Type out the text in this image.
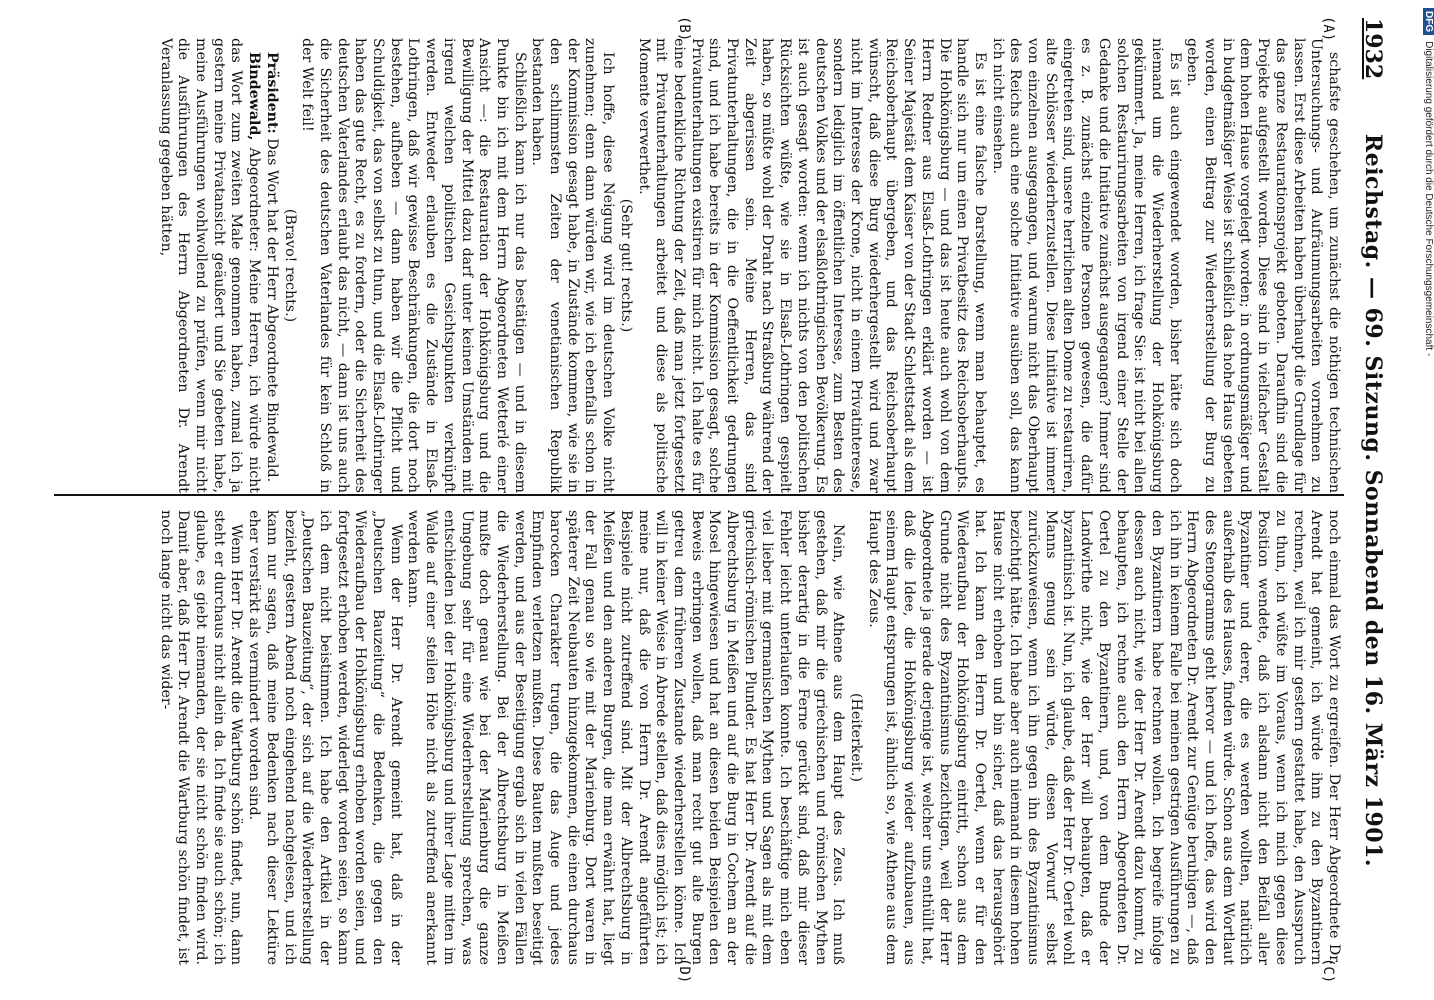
1932
Reichstag. — 69. Sitzung. Sonnabend den 16. März 1901.
(A)
(B)
(C)
(D)

schafste geschehen, um zunächst die nöthigen technischen Untersuchungs- und Aufräumungsarbeiten vornehmen zu lassen. Erst diese Arbeiten haben überhaupt die Grundlage für das ganze Restaurationsprojekt geboten. Daraufhin sind die Projekte aufgestellt worden. Diese sind in vielfacher Gestalt dem hohen Hause vorgelegt worden; in ordnungsmäßiger und in budgetmäßiger Weise ist schließlich das hohe Haus gebeten worden, einen Beitrag zur Wiederherstellung der Burg zu geben.

Es ist auch eingewendet worden, bisher hätte sich doch niemand um die Wiederherstellung der Hohkönigsburg gekümmert. Ja, meine Herren, ich frage Sie: ist nicht bei allen solchen Restaurirungsarbeiten von irgend einer Stelle der Gedanke und die Initiative zunächst ausgegangen? Immer sind es z. B. zunächst einzelne Personen gewesen, die dafür eingetreten sind, unsere herrlichen alten Dome zu restauriren, alte Schlösser wiederherzustellen. Diese Initiative ist immer von einzelnen ausgegangen, und warum nicht das Oberhaupt des Reichs auch eine solche Initiative ausüben soll, das kann ich nicht einsehen.

Es ist eine falsche Darstellung, wenn man behauptet, es handle sich nur um einen Privatbesitz des Reichsoberhaupts. Die Hohkönigsburg — und das ist heute auch wohl von dem Herrn Redner aus Elsaß-Lothringen erklärt worden — ist Seiner Majestät dem Kaiser von der Stadt Schlettstadt als dem Reichsoberhaupt übergeben, und das Reichsoberhaupt wünscht, daß diese Burg wiederhergestellt wird und zwar nicht im Interesse der Krone, nicht in einem Privatinteresse, sondern lediglich im öffentlichen Interesse, zum Besten des deutschen Volkes und der elsaßlothringischen Bevölkerung. Es ist auch gesagt worden: wenn ich nichts von den politischen Rücksichten wüßte, wie sie in Elsaß-Lothringen gespielt haben, so müßte wohl der Draht nach Straßburg während der Zeit abgerissen sein. Meine Herren, das sind Privatunterhaltungen, die in die Oeffentlichkeit gedrungen sind, und ich habe bereits in der Kommission gesagt, solche Privatunterhaltungen existiren für mich nicht. Ich halte es für eine bedenkliche Richtung der Zeit, daß man jetzt fortgesetzt mit Privatunterhaltungen arbeitet und diese als politische Momente verwerthet.

(Sehr gut! rechts.)

Ich hoffe, diese Neigung wird im deutschen Volke nicht zunehmen; denn dann würden wir, wie ich ebenfalls schon in der Kommission gesagt habe, in Zustände kommen, wie sie in den schlimmsten Zeiten der venetianischen Republik bestanden haben.

Schließlich kann ich nur das bestätigen — und in diesem Punkte bin ich mit dem Herrn Abgeordneten Wetterlé einer Ansicht —: die Restauration der Hohkönigsburg und die Bewilligung der Mittel dazu darf unter keinen Umständen mit irgend welchen politischen Gesichtspunkten verknüpft werden. Entweder erlauben es die Zustände in Elsaß-Lothringen, daß wir gewisse Beschränkungen, die dort noch bestehen, aufheben — dann haben wir die Pflicht und Schuldigkeit, das von selbst zu thun, und die Elsaß-Lothringer haben das gute Recht, es zu fordern, oder die Sicherheit des deutschen Vaterlandes erlaubt das nicht, — dann ist uns auch die Sicherheit des deutschen Vaterlandes für kein Schloß in der Welt feil!

(Bravo! rechts.)

Präsident: Das Wort hat der Herr Abgeordnete Bindewald.

Bindewald, Abgeordneter: Meine Herren, ich würde nicht das Wort zum zweiten Male genommen haben, zumal ich ja gestern meine Privatansicht geäußert und Sie gebeten habe, meine Ausführungen wohlwollend zu prüfen, wenn mir nicht die Ausführungen des Herrn Abgeordneten Dr. Arendt Veranlassung gegeben hätten,

noch einmal das Wort zu ergreifen. Der Herr Abgeordnete Dr. Arendt hat gemeint, ich würde ihm zu den Byzantinern rechnen, weil ich mir gestern gestattet habe, den Ausspruch zu thun, ich wüßte im Voraus, wenn ich mich gegen diese Position wendete, daß ich alsdann nicht den Beifall aller Byzantiner und derer, die es werden wollten, natürlich außerhalb des Hauses, finden würde. Schon aus dem Wortlaut des Stenogramms geht hervor — und ich hoffe, das wird den Herrn Abgeordneten Dr. Arendt zur Genüge beruhigen —, daß ich ihn in keinem Falle bei meinen gestrigen Ausführungen zu den Byzantinern habe rechnen wollen. Ich begreife infolge dessen auch nicht, wie der Herr Dr. Arendt dazu kommt, zu behaupten, ich rechne auch den Herrn Abgeordneten Dr. Oertel zu den Byzantinern, und, von dem Bunde der Landwirthe nicht, wie der Herr will behaupten, daß er byzantinisch ist. Nun, ich glaube, daß der Herr Dr. Oertel wohl Manns genug sein würde, diesen Vorwurf selbst zurückzuweisen, wenn ich ihn gegen ihn des Byzantinismus bezichtigt hätte. Ich habe aber auch niemand in diesem hohen Hause nicht erhoben und bin sicher, daß das herausgehört hat. Ich kann den Herrn Dr. Oertel, wenn er für den Wiederaufbau der Hohkönigsburg eintritt, schon aus dem Grunde nicht des Byzantinismus bezichtigen, weil der Herr Abgeordnete ja gerade derjenige ist, welcher uns enthüllt hat, daß die Idee, die Hohkönigsburg wieder aufzubauen, aus seinem Haupt entsprungen ist, ähnlich so, wie Athene aus dem Haupt des Zeus.

(Heiterkeit.)

Nein, wie Athene aus dem Haupt des Zeus. Ich muß gestehen, daß mir die griechischen und römischen Mythen bisher derartig in die Ferne gerückt sind, daß mir dieser Fehler leicht unterlaufen konnte. Ich beschäftige mich eben viel lieber mit germanischen Mythen und Sagen als mit dem griechisch-römischen Plunder. Es hat Herr Dr. Arendt auf die Albrechtsburg in Meißen und auf die Burg in Cochem an der Mosel hingewiesen und hat an diesen beiden Beispielen den Beweis erbringen wollen, daß man recht gut alte Burgen getreu dem früheren Zustande wiederherstellen könne. Ich will in keiner Weise in Abrede stellen, daß dies möglich ist; ich meine nur, daß die von Herrn Dr. Arendt angeführten Beispiele nicht zutreffend sind. Mit der Albrechtsburg in Meißen und den anderen Burgen, die man erwähnt hat, liegt der Fall genau so wie mit der Marienburg. Dort waren in späterer Zeit Neubauten hinzugekommen, die einen durchaus barocken Charakter trugen, die das Auge und jedes Empfinden verletzen mußten. Diese Bauten mußten beseitigt werden, und aus der Beseitigung ergab sich in vielen Fällen die Wiederherstellung. Bei der Albrechtsburg in Meißen mußte doch genau wie bei der Marienburg die ganze Umgebung sehr für eine Wiederherstellung sprechen, was entschieden bei der Hohkönigsburg und ihrer Lage mitten im Walde auf einer steilen Höhe nicht als zutreffend anerkannt werden kann.

Wenn der Herr Dr. Arendt gemeint hat, daß in der „Deutschen Bauzeitung“ die Bedenken, die gegen den Wiederaufbau der Hohkönigsburg erhoben worden seien, und fortgesetzt erhoben werden, widerlegt worden seien, so kann ich dem nicht beistimmen. Ich habe den Artikel in der „Deutschen Bauzeitung“, der sich auf die Wiederherstellung bezieht, gestern Abend noch eingehend nachgelesen, und ich kann nur sagen, daß meine Bedenken nach dieser Lektüre eher verstärkt als vermindert worden sind.

Wenn Herr Dr. Arendt die Wartburg schön findet, nun, dann steht er durchaus nicht allein da. Ich finde sie auch schön; ich glaube, es giebt niemanden, der sie nicht schön finden wird. Damit aber, daß Herr Dr. Arendt die Wartburg schön findet, ist noch lange nicht das wider-

DFGDigitalisierung gefördert durch die Deutsche Forschungsgemeinschaft -
